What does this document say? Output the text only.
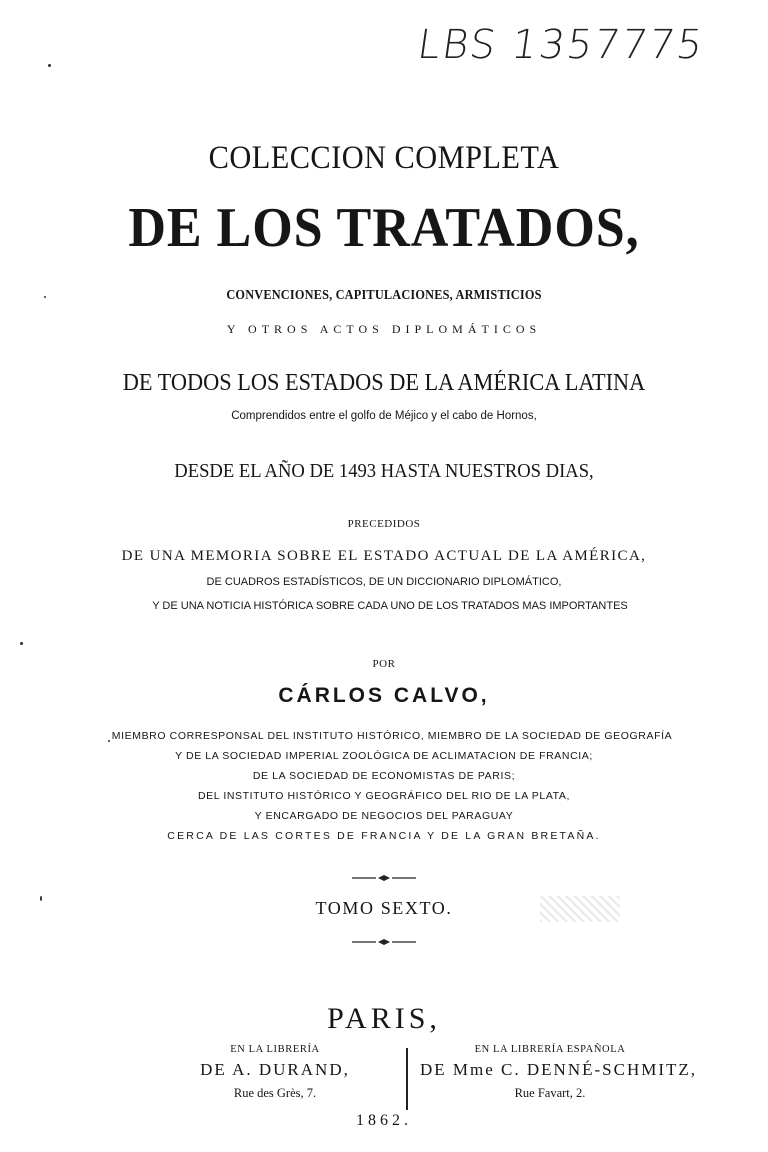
LBS 1357775
COLECCION COMPLETA
DE LOS TRATADOS,
CONVENCIONES, CAPITULACIONES, ARMISTICIOS
Y OTROS ACTOS DIPLOMÁTICOS
DE TODOS LOS ESTADOS DE LA AMÉRICA LATINA
Comprendidos entre el golfo de Méjico y el cabo de Hornos,
DESDE EL AÑO DE 1493 HASTA NUESTROS DIAS,
PRECEDIDOS
DE UNA MEMORIA SOBRE EL ESTADO ACTUAL DE LA AMÉRICA,
DE CUADROS ESTADÍSTICOS, DE UN DICCIONARIO DIPLOMÁTICO,
Y DE UNA NOTICIA HISTÓRICA SOBRE CADA UNO DE LOS TRATADOS MAS IMPORTANTES
POR
CÁRLOS CALVO,
MIEMBRO CORRESPONSAL DEL INSTITUTO HISTÓRICO, MIEMBRO DE LA SOCIEDAD DE GEOGRAFÍA
Y DE LA SOCIEDAD IMPERIAL ZOOLÓGICA DE ACLIMATACION DE FRANCIA;
DE LA SOCIEDAD DE ECONOMISTAS DE PARIS;
DEL INSTITUTO HISTÓRICO Y GEOGRÁFICO DEL RIO DE LA PLATA,
Y ENCARGADO DE NEGOCIOS DEL PARAGUAY
CERCA DE LAS CORTES DE FRANCIA Y DE LA GRAN BRETAÑA.
TOMO SEXTO.
PARIS,
EN LA LIBRERÍA
DE A. DURAND,
Rue des Grès, 7.
EN LA LIBRERÍA ESPAÑOLA
DE Mme C. DENNÉ-SCHMITZ,
Rue Favart, 2.
1862.
